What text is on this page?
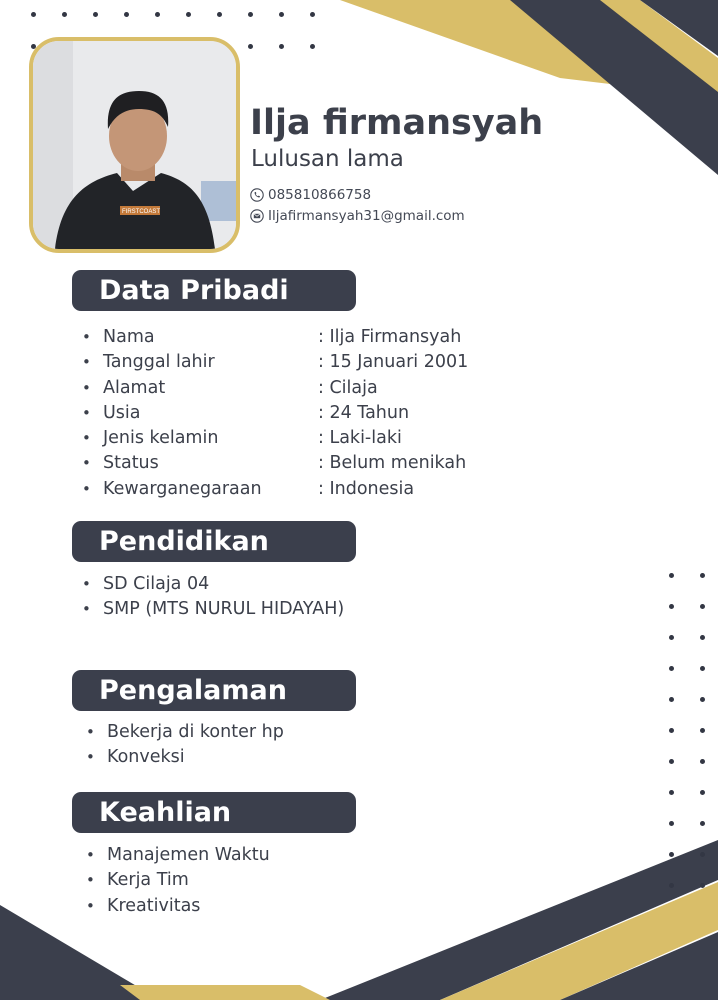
FIRSTCOAST
Ilja firmansyah
Lulusan lama
085810866758
Iljafirmansyah31@gmail.com
Data Pribadi
• Nama	: Ilja Firmansyah
• Tanggal lahir	: 15 Januari 2001
• Alamat	: Cilaja
• Usia	: 24 Tahun
• Jenis kelamin	: Laki-laki
• Status	: Belum menikah
• Kewarganegaraan	: Indonesia
Pendidikan
• SD Cilaja 04
• SMP (MTS NURUL HIDAYAH)
Pengalaman
• Bekerja di konter hp
• Konveksi
Keahlian
• Manajemen Waktu
• Kerja Tim
• Kreativitas
